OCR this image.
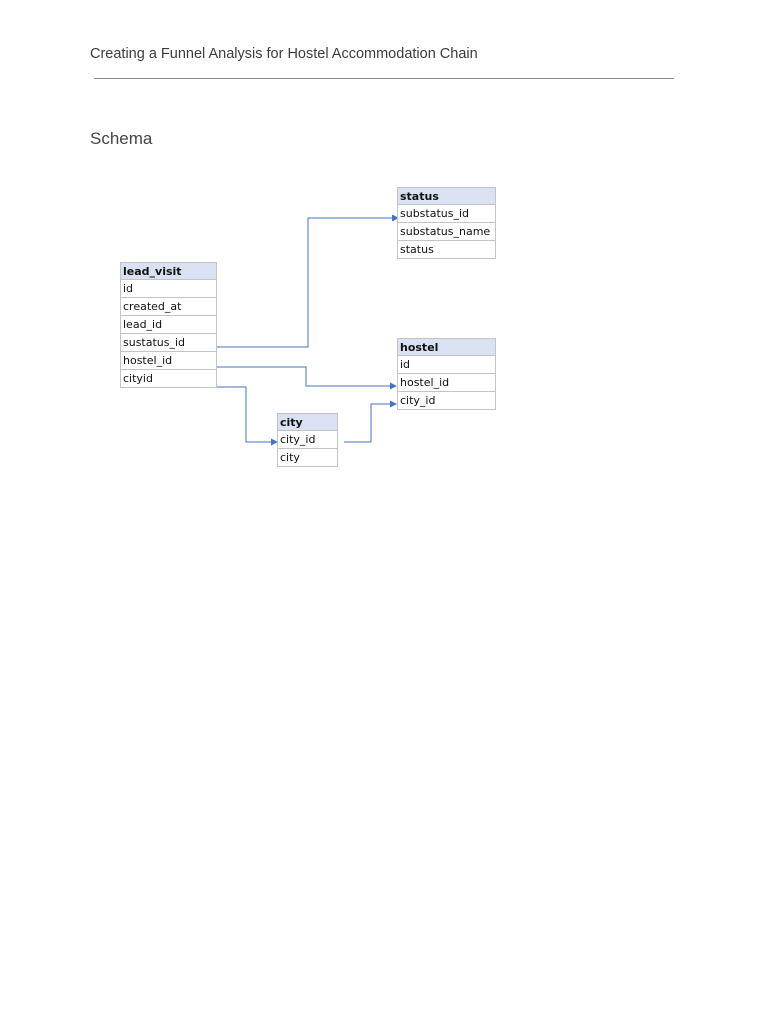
Creating a Funnel Analysis for Hostel Accommodation Chain
Schema
lead_visit
id
created_at
lead_id
sustatus_id
hostel_id
cityid
status
substatus_id
substatus_name
status
hostel
id
hostel_id
city_id
city
city_id
city
